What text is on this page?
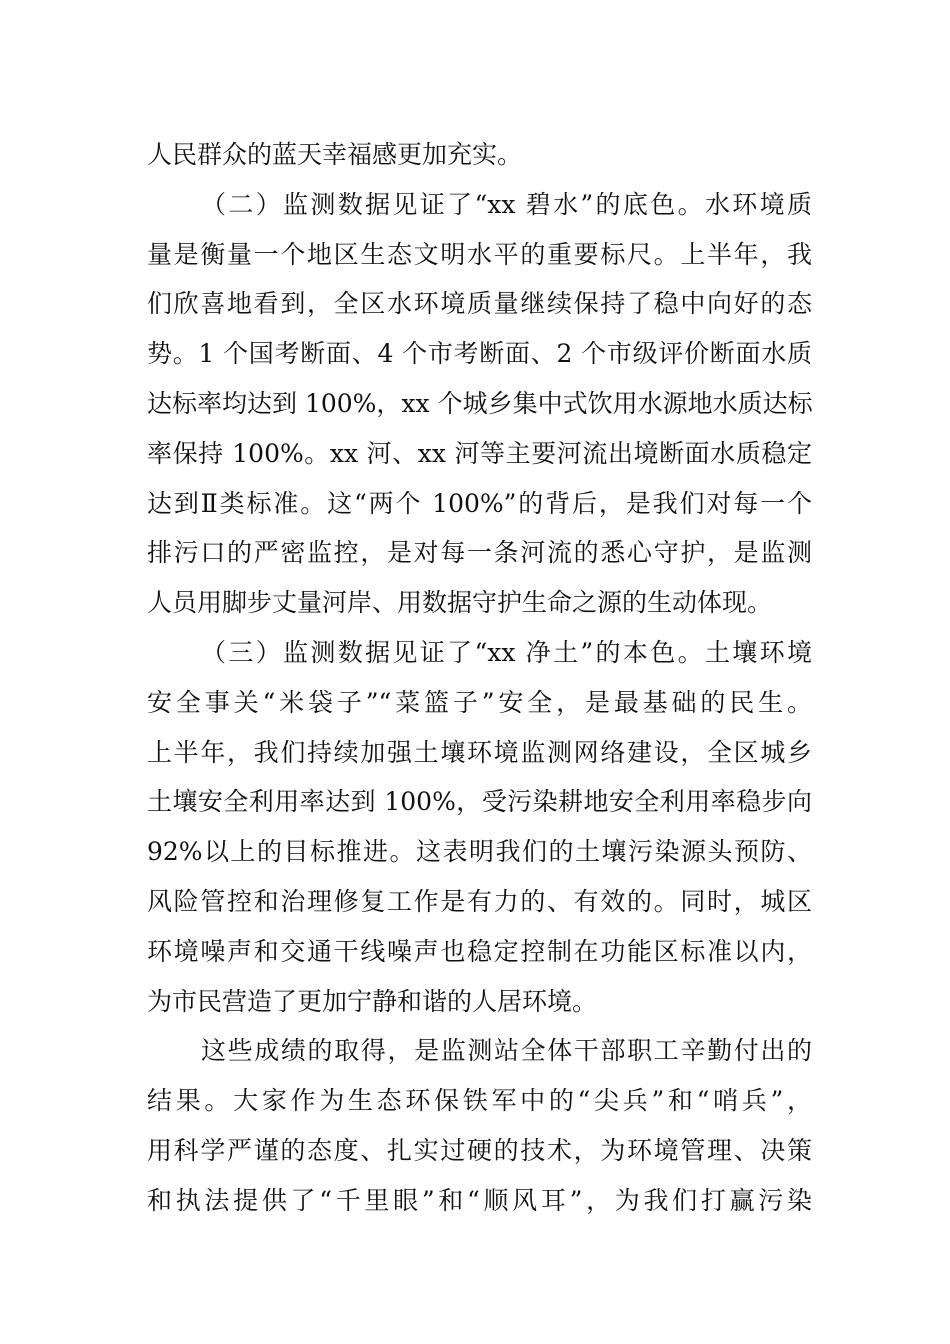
人民群众的蓝天幸福感更加充实。
（二）监测数据见证了“xx 碧水”的底色。水环境质
量是衡量一个地区生态文明水平的重要标尺。上半年，我
们欣喜地看到，全区水环境质量继续保持了稳中向好的态
势。1 个国考断面、4 个市考断面、2 个市级评价断面水质
达标率均达到 100%，xx 个城乡集中式饮用水源地水质达标
率保持 100%。xx 河、xx 河等主要河流出境断面水质稳定
达到Ⅱ类标准。这“两个 100%”的背后，是我们对每一个
排污口的严密监控，是对每一条河流的悉心守护，是监测
人员用脚步丈量河岸、用数据守护生命之源的生动体现。
（三）监测数据见证了“xx 净土”的本色。土壤环境
安全事关“米袋子”“菜篮子”安全，是最基础的民生。
上半年，我们持续加强土壤环境监测网络建设，全区城乡
土壤安全利用率达到 100%，受污染耕地安全利用率稳步向
92%以上的目标推进。这表明我们的土壤污染源头预防、
风险管控和治理修复工作是有力的、有效的。同时，城区
环境噪声和交通干线噪声也稳定控制在功能区标准以内，
为市民营造了更加宁静和谐的人居环境。
这些成绩的取得，是监测站全体干部职工辛勤付出的
结果。大家作为生态环保铁军中的“尖兵”和“哨兵”，
用科学严谨的态度、扎实过硬的技术，为环境管理、决策
和执法提供了“千里眼”和“顺风耳”，为我们打赢污染
